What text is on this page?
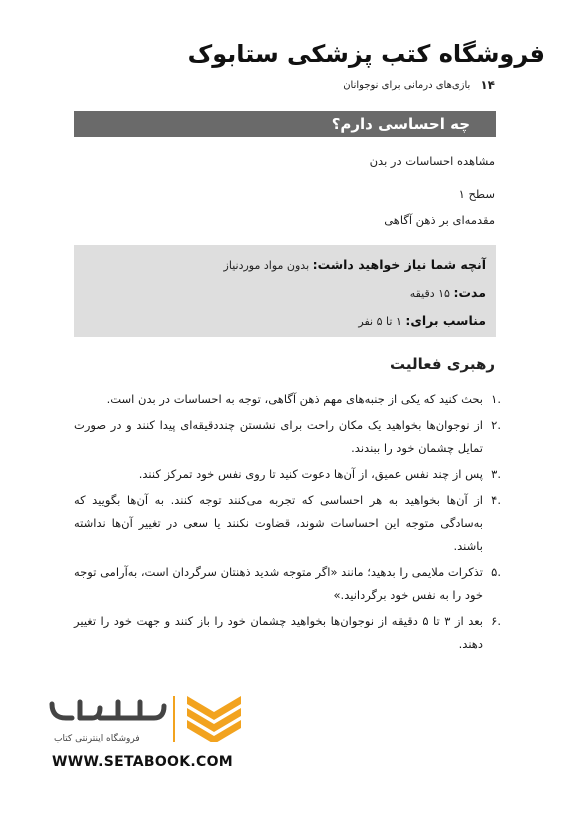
فروشگاه کتب پزشکی ستابوک
۱۴
بازی‌های درمانی برای نوجوانان
چه احساسی دارم؟
مشاهده احساسات در بدن
سطح ۱
مقدمه‌ای بر ذهن آگاهی
آنچه شما نیاز خواهید داشت: بدون مواد موردنیاز
مدت: ۱۵ دقیقه
مناسب برای: ۱ تا ۵ نفر
رهبری فعالیت
.۱
بحث کنید که یکی از جنبه‌های مهم ذهن آگاهی، توجه به احساسات در بدن است.
.۲
از نوجوان‌ها بخواهید یک مکان راحت برای نشستن چنددقیقه‌ای پیدا کنند و در صورت تمایل چشمان خود را ببندند.
.۳
پس از چند نفس عمیق، از آن‌ها دعوت کنید تا روی نفس خود تمرکز کنند.
.۴
از آن‌ها بخواهید به هر احساسی که تجربه می‌کنند توجه کنند. به آن‌ها بگویید که به‌سادگی متوجه این احساسات شوند، قضاوت نکنند یا سعی در تغییر آن‌ها نداشته باشند.
.۵
تذکرات ملایمی را بدهید؛ مانند «اگر متوجه شدید ذهنتان سرگردان است، به‌آرامی توجه خود را به نفس خود برگردانید.»
.۶
بعد از ۳ تا ۵ دقیقه از نوجوان‌ها بخواهید چشمان خود را باز کنند و جهت خود را تغییر دهند.
فروشگاه اینترنتی کتاب
WWW.SETABOOK.COM
